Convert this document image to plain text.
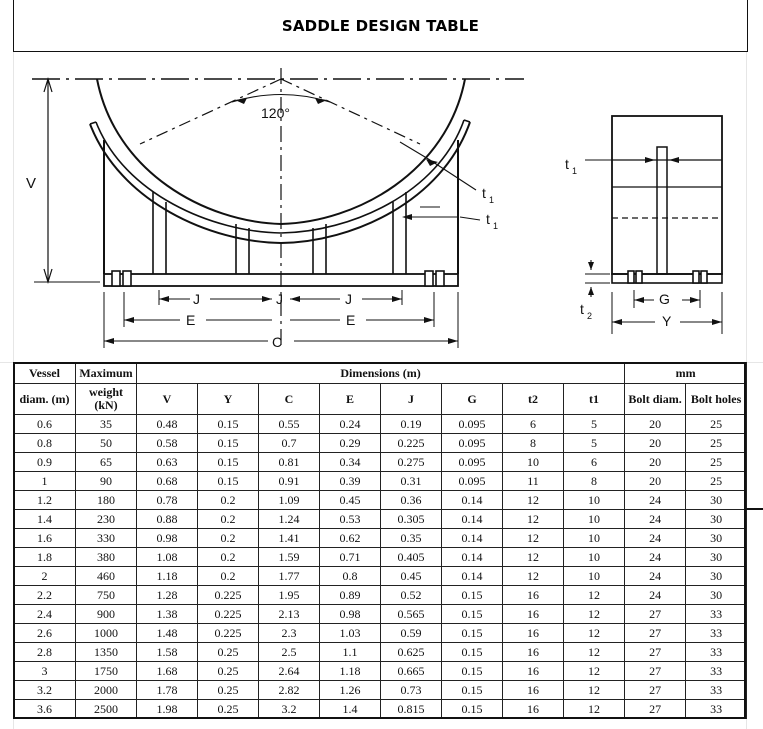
SADDLE DESIGN TABLE
120°
V
t 1
t 1
J	J	J
E	E
C
t 1
t 2
G
Y
Vessel	Maximum	Dimensions (m)								mm	
diam. (m)	weight (kN)	V	Y	C	E	J	G	t2	t1	Bolt diam.	Bolt holes
0.6	35	0.48	0.15	0.55	0.24	0.19	0.095	6	5	20	25
0.8	50	0.58	0.15	0.7	0.29	0.225	0.095	8	5	20	25
0.9	65	0.63	0.15	0.81	0.34	0.275	0.095	10	6	20	25
1	90	0.68	0.15	0.91	0.39	0.31	0.095	11	8	20	25
1.2	180	0.78	0.2	1.09	0.45	0.36	0.14	12	10	24	30
1.4	230	0.88	0.2	1.24	0.53	0.305	0.14	12	10	24	30
1.6	330	0.98	0.2	1.41	0.62	0.35	0.14	12	10	24	30
1.8	380	1.08	0.2	1.59	0.71	0.405	0.14	12	10	24	30
2	460	1.18	0.2	1.77	0.8	0.45	0.14	12	10	24	30
2.2	750	1.28	0.225	1.95	0.89	0.52	0.15	16	12	24	30
2.4	900	1.38	0.225	2.13	0.98	0.565	0.15	16	12	27	33
2.6	1000	1.48	0.225	2.3	1.03	0.59	0.15	16	12	27	33
2.8	1350	1.58	0.25	2.5	1.1	0.625	0.15	16	12	27	33
3	1750	1.68	0.25	2.64	1.18	0.665	0.15	16	12	27	33
3.2	2000	1.78	0.25	2.82	1.26	0.73	0.15	16	12	27	33
3.6	2500	1.98	0.25	3.2	1.4	0.815	0.15	16	12	27	33
